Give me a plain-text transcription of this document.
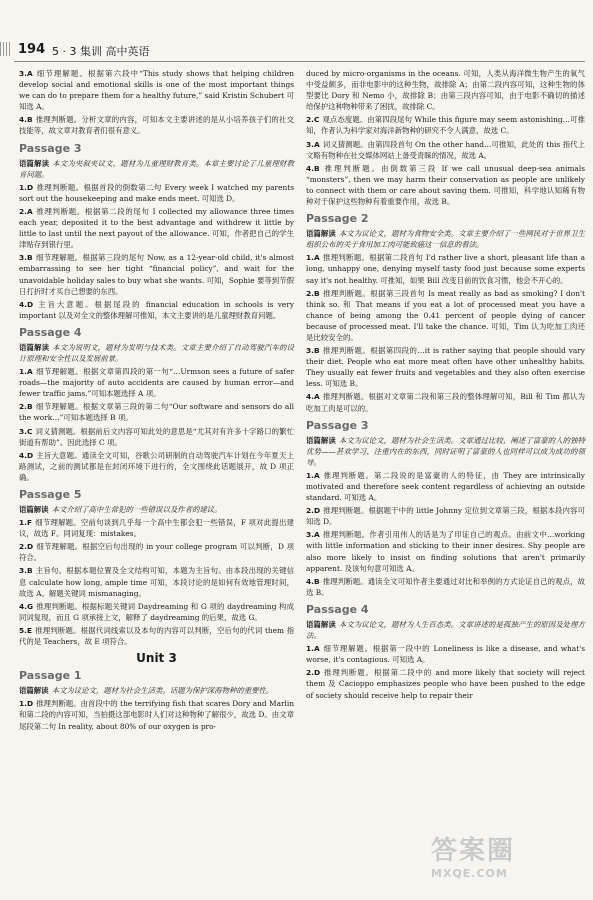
194 5 · 3 集训 高中英语
3.A 细节理解题。根据第六段中“This study shows that helping children develop social and emotional skills is one of the most important things we can do to prepare them for a healthy future,” said Kristin Schubert 可知选 A。
4.B 推理判断题。分析文章的内容，可知本文主要讲述的是从小培养孩子们的社交技能等，故文章对教育者们很有意义。
Passage 3
语篇解读 本文为夹叙夹议文，题材为儿童理财教育类。本章主要讨论了儿童理财教育问题。
1.D 推理判断题。根据首段的倒数第二句 Every week I watched my parents sort out the housekeeping and make ends meet. 可知选 D。
2.A 推理判断题。根据第二段的尾句 I collected my allowance three times each year, deposited it to the best advantage and withdrew it little by little to last until the next payout of the allowance. 可知，作者把自己的学生津贴存到银行里。
3.B 细节理解题。根据第三段的尾句 Now, as a 12-year-old child, it's almost embarrassing to see her tight “financial policy”, and wait for the unavoidable holiday sales to buy what she wants. 可知，Sophie 要等到节假日打折时才买自己想要的东西。
4.D 主旨大意题。根据尾段的 financial education in schools is very important 以及对全文的整体理解可推知，本文主要讲的是儿童理财教育问题。
Passage 4
语篇解读 本文为说明文，题材为发明与技术类。文章主要介绍了自动驾驶汽车的设计原理和安全性以及发展前景。
1.A 细节理解题。根据文章第四段的第一句“…Urmson sees a future of safer roads—the majority of auto accidents are caused by human error—and fewer traffic jams.”可知本题选择 A 项。
2.B 细节理解题。根据文章第三段的第二句“Our software and sensors do all the work…”可知本题选择 B 项。
3.C 词义猜测题。根据前后文内容可知此处的意思是“尤其对有许多十字路口的繁忙街道有帮助”。因此选择 C 项。
4.D 主旨大意题。通读全文可知，谷歌公司研制的自动驾驶汽车计划在今年夏天上路测试，之前的测试都是在封闭环境下进行的，全文围绕此话题展开，故 D 项正确。
Passage 5
语篇解读 本文介绍了高中生常犯的一些错误以及作者的建议。
1.F 细节理解题。空前句谈到几乎每一个高中生都会犯一些错误，F 项对此提出建议，故选 F。同词复现：mistakes。
2.D 细节理解题。根据空后句出现的 in your college program 可以判断，D 项符合。
3.B 主旨句。根据本题位置及全文结构可知，本题为主旨句。由本段出现的关键信息 calculate how long, ample time 可知，本段讨论的是如何有效地管理时间，故选 A。解题关键词 mismanaging。
4.G 推理判断题。根据标题关键词 Daydreaming 和 G 项的 daydreaming 构成同词复现，而且 G 项承接上文，解释了 daydreaming 的后果，故选 G。
5.E 推理判断题。根据代词线索以及本句的内容可以判断，空后句的代词 them 指代的是 Teachers，故 E 项符合。
Unit 3
Passage 1
语篇解读 本文为议论文，题材为社会生活类。话题为保护深海物种的重要性。
1.D 推理判断题。由首段中的 the terrifying fish that scares Dory and Marlin 和第二段的内容可知，当拍摄这部电影时人们对这种物种了解很少，故选 D。由文章尾段第二句 In reality, about 80% of our oxygen is pro-
duced by micro-organisms in the oceans. 可知，人类从海洋微生物产生的氧气中受益颇多，而非电影中的这种生物，故排除 A；由第二段内容可知，这种生物的体型要比 Dory 和 Nemo 小，故排除 B；由第三段内容可知，由于电影不确切的描述给保护这种物种带来了困扰，故排除 C。
2.C 观点态度题。由第四段尾句 While this figure may seem astonishing…可推知，作者认为科学家对海洋新物种的研究不令人满意，故选 C。
3.A 词义猜测题。由第四段首句 On the other hand…可推知，此处的 this 指代上文略有物种在社交媒体网站上备受青睐的情况，故选 A。
4.B 推理判断题。由倒数第三段 If we call unusual deep-sea animals “monsters”, then we may harm their conservation as people are unlikely to connect with them or care about saving them. 可推知，科学地认知稀有物种对于保护这些物种有着重要作用，故选 B。
Passage 2
语篇解读 本文为议论文，题材为食物安全类。文章主要介绍了一些网民对于世界卫生组织公布的关于食用加工肉可能致癌这一信息的看法。
1.A 推理判断题。根据第二段首句 I'd rather live a short, pleasant life than a long, unhappy one, denying myself tasty food just because some experts say it's not healthy. 可推知，如果 Bill 改变目前的饮食习惯，他会不开心的。
2.B 推理判断题。根据第三段首句 Is meat really as bad as smoking? I don't think so. 和 That means if you eat a lot of processed meat you have a chance of being among the 0.41 percent of people dying of cancer because of processed meat. I'll take the chance. 可知，Tim 认为吃加工肉还是比较安全的。
3.B 推理判断题。根据第四段的…it is rather saying that people should vary their diet. People who eat more meat often have other unhealthy habits. They usually eat fewer fruits and vegetables and they also often exercise less. 可知选 B。
4.A 推理判断题。根据对文章第二段和第三段的整体理解可知，Bill 和 Tim 都认为吃加工肉是可以的。
Passage 3
语篇解读 本文为议论文，题材为社会生活类。文章通过比较，阐述了富豪的人的独特优势——甚欢学习、注重内在的东西，同时证明了富豪的人也同样可以成为成功的领导。
1.A 推理判断题。第二段说的是富豪的人的特征，由 They are intrinsically motivated and therefore seek content regardless of achieving an outside standard. 可知选 A。
2.D 推理判断题。根据题干中的 little Johnny 定位到文章第三段，根据本段内容可知选 D。
3.A 推理判断题。作者引用伟人的话是为了印证自己的观点。由前文中…working with little information and sticking to their inner desires. Shy people are also more likely to insist on finding solutions that aren't primarily apparent. 及该句句意可知选 A。
4.B 推理判断题。通读全文可知作者主要通过对比和举例的方式论证自己的观点，故选 B。
Passage 4
语篇解读 本文为议论文，题材为人生百态类。文章讲述的是孤独产生的原因及处理方法。
1.A 细节理解题。根据第一段中的 Loneliness is like a disease, and what's worse, it's contagious. 可知选 A。
2.D 推理判断题。根据第二段中的 and more likely that society will reject them 及 Cacioppo emphasizes people who have been pushed to the edge of society should receive help to repair their
答案圈
MXQE.COM
